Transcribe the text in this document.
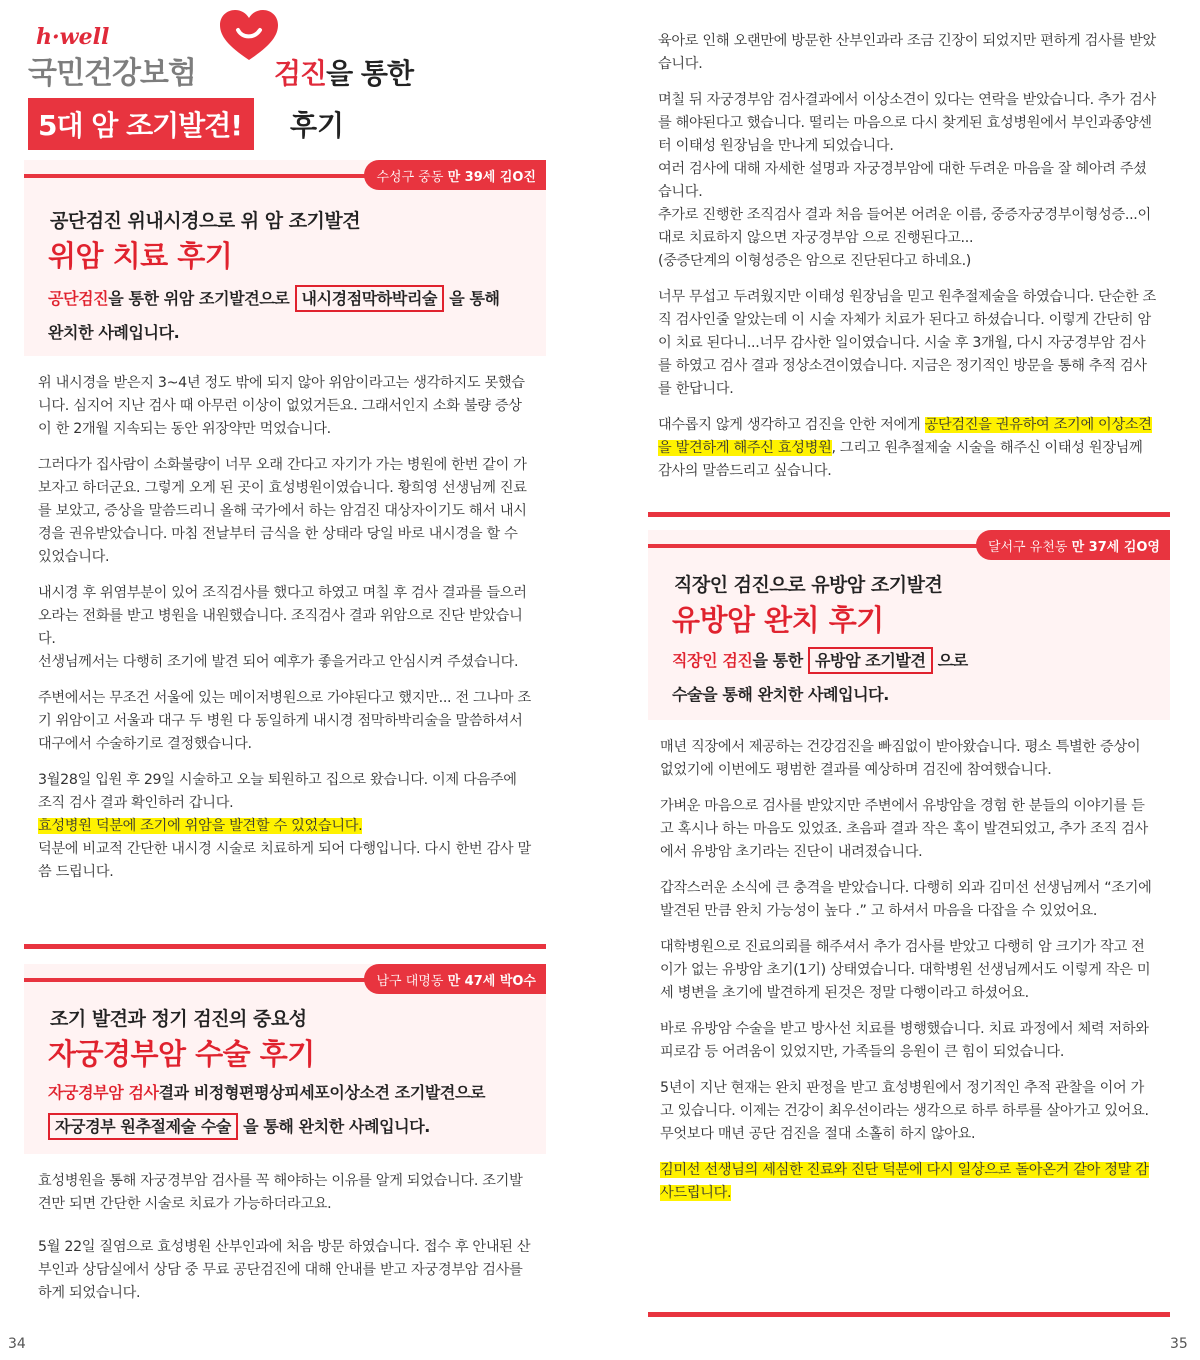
h·well
국민건강보험	검진을 통한
5대 암 조기발견!	후기
수성구 중동 만 39세 김O진
공단검진 위내시경으로 위 암 조기발견
위암 치료 후기
공단검진을 통한 위암 조기발견으로 내시경점막하박리술 을 통해
완치한 사례입니다.

위 내시경을 받은지 3~4년 정도 밖에 되지 않아 위암이라고는 생각하지도 못했습니다. 심지어 지난 검사 때 아무런 이상이 없었거든요. 그래서인지 소화 불량 증상이 한 2개월 지속되는 동안 위장약만 먹었습니다.

그러다가 집사람이 소화불량이 너무 오래 간다고 자기가 가는 병원에 한번 같이 가보자고 하더군요. 그렇게 오게 된 곳이 효성병원이였습니다. 황희영 선생님께 진료를 보았고, 증상을 말씀드리니 올해 국가에서 하는 암검진 대상자이기도 해서 내시경을 권유받았습니다. 마침 전날부터 금식을 한 상태라 당일 바로 내시경을 할 수 있었습니다.

내시경 후 위염부분이 있어 조직검사를 했다고 하였고 며칠 후 검사 결과를 들으러 오라는 전화를 받고 병원을 내원했습니다. 조직검사 결과 위암으로 진단 받았습니다.
선생님께서는 다행히 조기에 발견 되어 예후가 좋을거라고 안심시켜 주셨습니다.

주변에서는 무조건 서울에 있는 메이저병원으로 가야된다고 했지만... 전 그나마 조기 위암이고 서울과 대구 두 병원 다 동일하게 내시경 점막하박리술을 말씀하셔서 대구에서 수술하기로 결정했습니다.

3월28일 입원 후 29일 시술하고 오늘 퇴원하고 집으로 왔습니다. 이제 다음주에 조직 검사 결과 확인하러 갑니다.
효성병원 덕분에 조기에 위암을 발견할 수 있었습니다.
덕분에 비교적 간단한 내시경 시술로 치료하게 되어 다행입니다. 다시 한번 감사 말씀 드립니다.

남구 대명동 만 47세 박O수
조기 발견과 정기 검진의 중요성
자궁경부암 수술 후기
자궁경부암 검사결과 비정형편평상피세포이상소견 조기발견으로
자궁경부 원추절제술 수술 을 통해 완치한 사례입니다.

효성병원을 통해 자궁경부암 검사를 꼭 해야하는 이유를 알게 되었습니다. 조기발견만 되면 간단한 시술로 치료가 가능하더라고요.

5월 22일 질염으로 효성병원 산부인과에 처음 방문 하였습니다. 접수 후 안내된 산부인과 상담실에서 상담 중 무료 공단검진에 대해 안내를 받고 자궁경부암 검사를 하게 되었습니다.

육아로 인해 오랜만에 방문한 산부인과라 조금 긴장이 되었지만 편하게 검사를 받았습니다.

며칠 뒤 자궁경부암 검사결과에서 이상소견이 있다는 연락을 받았습니다. 추가 검사를 해야된다고 했습니다. 떨리는 마음으로 다시 찾게된 효성병원에서 부인과종양센터 이태성 원장님을 만나게 되었습니다.
여러 검사에 대해 자세한 설명과 자궁경부암에 대한 두려운 마음을 잘 헤아려 주셨습니다.
추가로 진행한 조직검사 결과 처음 들어본 어려운 이름, 중증자궁경부이형성증...이대로 치료하지 않으면 자궁경부암 으로 진행된다고...
(중증단계의 이형성증은 암으로 진단된다고 하네요.)

너무 무섭고 두려웠지만 이태성 원장님을 믿고 원추절제술을 하였습니다. 단순한 조직 검사인줄 알았는데 이 시술 자체가 치료가 된다고 하셨습니다. 이렇게 간단히 암이 치료 된다니...너무 감사한 일이였습니다. 시술 후 3개월, 다시 자궁경부암 검사를 하였고 검사 결과 정상소견이였습니다. 지금은 정기적인 방문을 통해 추적 검사를 한답니다.

대수롭지 않게 생각하고 검진을 안한 저에게 공단검진을 권유하여 조기에 이상소견을 발견하게 해주신 효성병원, 그리고 원추절제술 시술을 해주신 이태성 원장님께 감사의 말씀드리고 싶습니다.

달서구 유천동 만 37세 김O영
직장인 검진으로 유방암 조기발견
유방암 완치 후기
직장인 검진을 통한 유방암 조기발견 으로
수술을 통해 완치한 사례입니다.

매년 직장에서 제공하는 건강검진을 빠짐없이 받아왔습니다. 평소 특별한 증상이 없었기에 이번에도 평범한 결과를 예상하며 검진에 참여했습니다.

가벼운 마음으로 검사를 받았지만 주변에서 유방암을 경험 한 분들의 이야기를 듣고 혹시나 하는 마음도 있었죠. 초음파 결과 작은 혹이 발견되었고, 추가 조직 검사에서 유방암 초기라는 진단이 내려졌습니다.

갑작스러운 소식에 큰 충격을 받았습니다. 다행히 외과 김미선 선생님께서 “조기에 발견된 만큼 완치 가능성이 높다 .” 고 하셔서 마음을 다잡을 수 있었어요.

대학병원으로 진료의뢰를 해주셔서 추가 검사를 받았고 다행히 암 크기가 작고 전이가 없는 유방암 초기(1기) 상태였습니다. 대학병원 선생님께서도 이렇게 작은 미세 병변을 초기에 발견하게 된것은 정말 다행이라고 하셨어요.

바로 유방암 수술을 받고 방사선 치료를 병행했습니다. 치료 과정에서 체력 저하와 피로감 등 어려움이 있었지만, 가족들의 응원이 큰 힘이 되었습니다.

5년이 지난 현재는 완치 판정을 받고 효성병원에서 정기적인 추적 관찰을 이어 가고 있습니다. 이제는 건강이 최우선이라는 생각으로 하루 하루를 살아가고 있어요. 무엇보다 매년 공단 검진을 절대 소홀히 하지 않아요.

김미선 선생님의 세심한 진료와 진단 덕분에 다시 일상으로 돌아온거 같아 정말 감사드립니다.

34	35
